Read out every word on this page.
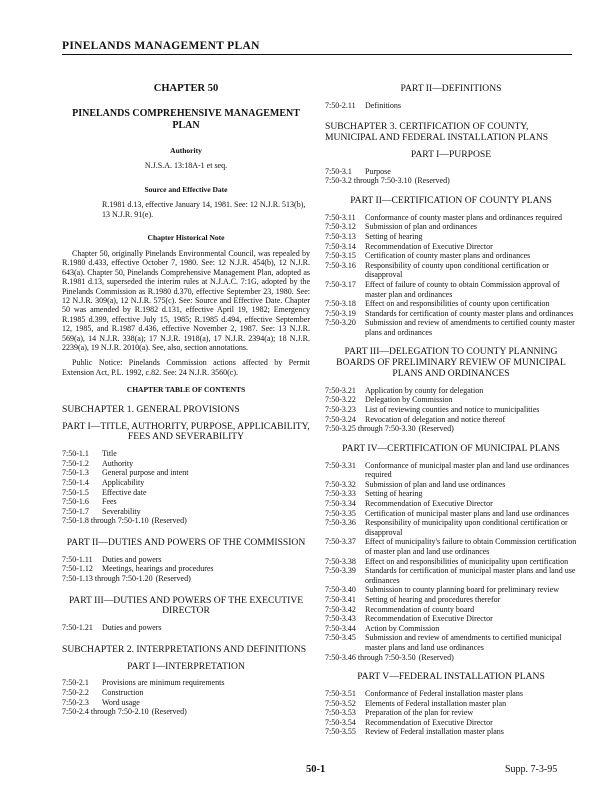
PINELANDS MANAGEMENT PLAN
CHAPTER 50
PINELANDS COMPREHENSIVE MANAGEMENT PLAN
Authority
N.J.S.A. 13:18A-1 et seq.
Source and Effective Date
R.1981 d.13, effective January 14, 1981. See: 12 N.J.R. 513(b), 13 N.J.R. 91(e).
Chapter Historical Note
Chapter 50, originally Pinelands Environmental Council, was repealed by R.1980 d.433, effective October 7, 1980. See: 12 N.J.R. 454(b), 12 N.J.R. 643(a). Chapter 50, Pinelands Comprehensive Management Plan, adopted as R.1981 d.13, superseded the interim rules at N.J.A.C. 7:1G, adopted by the Pinelands Commission as R.1980 d.370, effective September 23, 1980. See: 12 N.J.R. 309(a), 12 N.J.R. 575(c). See: Source and Effective Date. Chapter 50 was amended by R.1982 d.131, effective April 19, 1982; Emergency R.1985 d.399, effective July 15, 1985; R.1985 d.494, effective September 12, 1985, and R.1987 d.436, effective November 2, 1987. See: 13 N.J.R. 569(a), 14 N.J.R. 338(a); 17 N.J.R. 1918(a), 17 N.J.R. 2394(a); 18 N.J.R. 2239(a), 19 N.J.R. 2010(a). See, also, section annotations.
Public Notice: Pinelands Commission actions affected by Permit Extension Act, P.L. 1992, c.82. See: 24 N.J.R. 3560(c).
CHAPTER TABLE OF CONTENTS
SUBCHAPTER 1. GENERAL PROVISIONS
PART I—TITLE, AUTHORITY, PURPOSE, APPLICABILITY, FEES AND SEVERABILITY
7:50-1.1	Title
7:50-1.2	Authority
7:50-1.3	General purpose and intent
7:50-1.4	Applicability
7:50-1.5	Effective date
7:50-1.6	Fees
7:50-1.7	Severability
7:50-1.8 through 7:50-1.10 (Reserved)
PART II—DUTIES AND POWERS OF THE COMMISSION
7:50-1.11	Duties and powers
7:50-1.12	Meetings, hearings and procedures
7:50-1.13 through 7:50-1.20 (Reserved)
PART III—DUTIES AND POWERS OF THE EXECUTIVE DIRECTOR
7:50-1.21	Duties and powers
SUBCHAPTER 2. INTERPRETATIONS AND DEFINITIONS
PART I—INTERPRETATION
7:50-2.1	Provisions are minimum requirements
7:50-2.2	Construction
7:50-2.3	Word usage
7:50-2.4 through 7:50-2.10 (Reserved)
PART II—DEFINITIONS
7:50-2.11	Definitions
SUBCHAPTER 3. CERTIFICATION OF COUNTY, MUNICIPAL AND FEDERAL INSTALLATION PLANS
PART I—PURPOSE
7:50-3.1	Purpose
7:50-3.2 through 7:50-3.10 (Reserved)
PART II—CERTIFICATION OF COUNTY PLANS
7:50-3.11	Conformance of county master plans and ordinances required
7:50-3.12	Submission of plan and ordinances
7:50-3.13	Setting of hearing
7:50-3.14	Recommendation of Executive Director
7:50-3.15	Certification of county master plans and ordinances
7:50-3.16	Responsibility of county upon conditional certification or disapproval
7:50-3.17	Effect of failure of county to obtain Commission approval of master plan and ordinances
7:50-3.18	Effect on and responsibilities of county upon certification
7:50-3.19	Standards for certification of county master plans and ordinances
7:50-3.20	Submission and review of amendments to certified county master plans and ordinances
PART III—DELEGATION TO COUNTY PLANNING BOARDS OF PRELIMINARY REVIEW OF MUNICIPAL PLANS AND ORDINANCES
7:50-3.21	Application by county for delegation
7:50-3.22	Delegation by Commission
7:50-3.23	List of reviewing counties and notice to municipalities
7:50-3.24	Revocation of delegation and notice thereof
7:50-3.25 through 7:50-3.30 (Reserved)
PART IV—CERTIFICATION OF MUNICIPAL PLANS
7:50-3.31	Conformance of municipal master plan and land use ordinances required
7:50-3.32	Submission of plan and land use ordinances
7:50-3.33	Setting of hearing
7:50-3.34	Recommendation of Executive Director
7:50-3.35	Certification of municipal master plans and land use ordinances
7:50-3.36	Responsibility of municipality upon conditional certification or disapproval
7:50-3.37	Effect of municipality's failure to obtain Commission certification of master plan and land use ordinances
7:50-3.38	Effect on and responsibilities of municipality upon certification
7:50-3.39	Standards for certification of municipal master plans and land use ordinances
7:50-3.40	Submission to county planning board for preliminary review
7:50-3.41	Setting of hearing and procedures therefor
7:50-3.42	Recommendation of county board
7:50-3.43	Recommendation of Executive Director
7:50-3.44	Action by Commission
7:50-3.45	Submission and review of amendments to certified municipal master plans and land use ordinances
7:50-3.46 through 7:50-3.50 (Reserved)
PART V—FEDERAL INSTALLATION PLANS
7:50-3.51	Conformance of Federal installation master plans
7:50-3.52	Elements of Federal installation master plan
7:50-3.53	Preparation of the plan for review
7:50-3.54	Recommendation of Executive Director
7:50-3.55	Review of Federal installation master plans
50-1	Supp. 7-3-95
